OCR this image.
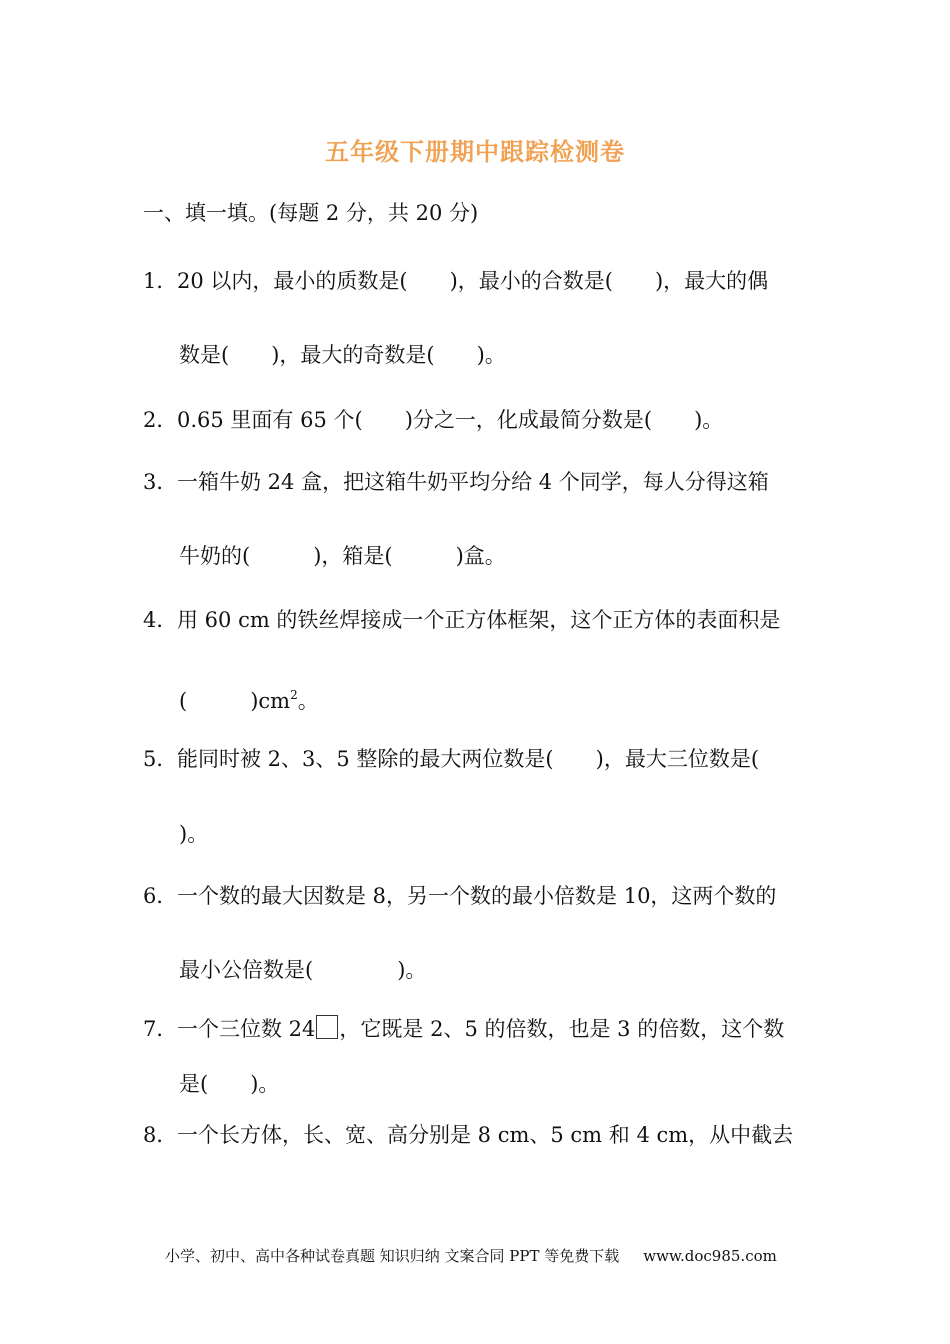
五年级下册期中跟踪检测卷
一、填一填。(每题 2 分，共 20 分)
1．20 以内，最小的质数是(　　)，最小的合数是(　　)，最大的偶
数是(　　)，最大的奇数是(　　)。
2．0.65 里面有 65 个(　　)分之一，化成最简分数是(　　)。
3．一箱牛奶 24 盒，把这箱牛奶平均分给 4 个同学，每人分得这箱
牛奶的(　　　)，箱是(　　　)盒。
4．用 60 cm 的铁丝焊接成一个正方体框架，这个正方体的表面积是
(　　　)$cm^2$。
5．能同时被 2、3、5 整除的最大两位数是(　　)，最大三位数是(
)。
6．一个数的最大因数是 8，另一个数的最小倍数是 10，这两个数的
最小公倍数是(　　　　)。
7．一个三位数 24 ，它既是 2、5 的倍数，也是 3 的倍数，这个数
是(　　)。
8．一个长方体，长、宽、高分别是 8 cm、5 cm 和 4 cm，从中截去
小学、初中、高中各种试卷真题 知识归纳 文案合同 PPT 等免费下载 www.doc985.com
